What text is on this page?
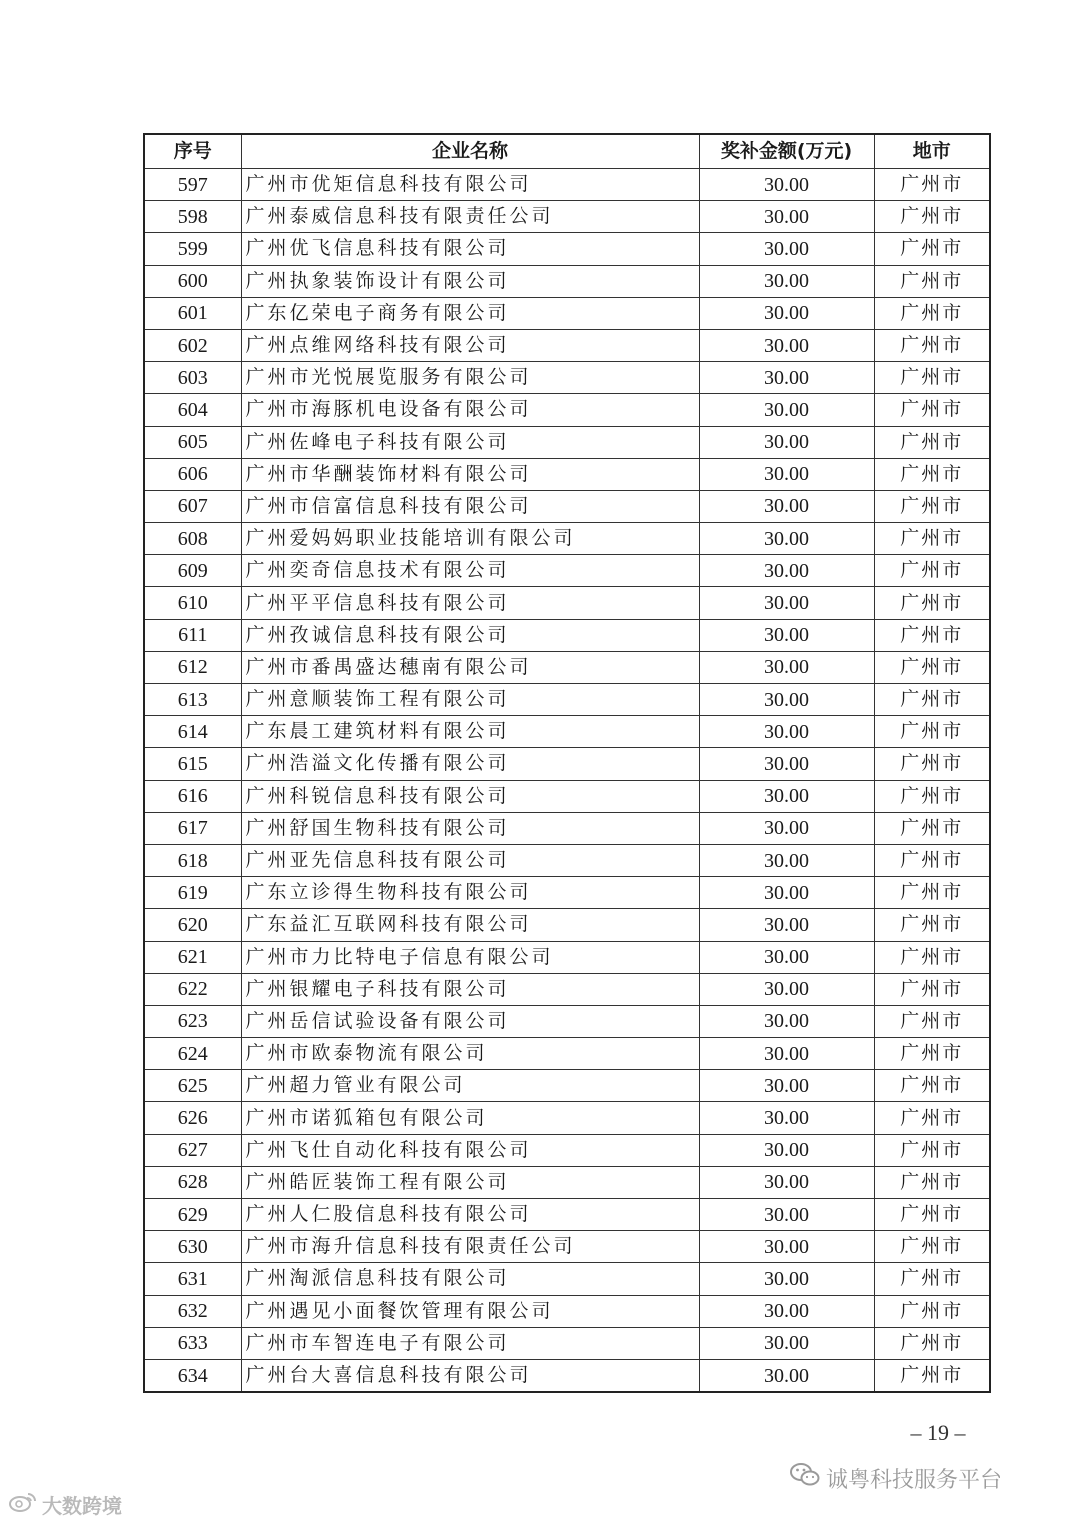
序号	企业名称	奖补金额(万元)	地市
597	广州市优矩信息科技有限公司	30.00	广州市
598	广州泰威信息科技有限责任公司	30.00	广州市
599	广州优飞信息科技有限公司	30.00	广州市
600	广州执象装饰设计有限公司	30.00	广州市
601	广东亿荣电子商务有限公司	30.00	广州市
602	广州点维网络科技有限公司	30.00	广州市
603	广州市光悦展览服务有限公司	30.00	广州市
604	广州市海豚机电设备有限公司	30.00	广州市
605	广州佐峰电子科技有限公司	30.00	广州市
606	广州市华酬装饰材料有限公司	30.00	广州市
607	广州市信富信息科技有限公司	30.00	广州市
608	广州爱妈妈职业技能培训有限公司	30.00	广州市
609	广州奕奇信息技术有限公司	30.00	广州市
610	广州平平信息科技有限公司	30.00	广州市
611	广州孜诚信息科技有限公司	30.00	广州市
612	广州市番禺盛达穗南有限公司	30.00	广州市
613	广州意顺装饰工程有限公司	30.00	广州市
614	广东晨工建筑材料有限公司	30.00	广州市
615	广州浩溢文化传播有限公司	30.00	广州市
616	广州科锐信息科技有限公司	30.00	广州市
617	广州舒国生物科技有限公司	30.00	广州市
618	广州亚先信息科技有限公司	30.00	广州市
619	广东立诊得生物科技有限公司	30.00	广州市
620	广东益汇互联网科技有限公司	30.00	广州市
621	广州市力比特电子信息有限公司	30.00	广州市
622	广州银耀电子科技有限公司	30.00	广州市
623	广州岳信试验设备有限公司	30.00	广州市
624	广州市欧泰物流有限公司	30.00	广州市
625	广州超力管业有限公司	30.00	广州市
626	广州市诺狐箱包有限公司	30.00	广州市
627	广州飞仕自动化科技有限公司	30.00	广州市
628	广州皓匠装饰工程有限公司	30.00	广州市
629	广州人仁股信息科技有限公司	30.00	广州市
630	广州市海升信息科技有限责任公司	30.00	广州市
631	广州淘派信息科技有限公司	30.00	广州市
632	广州遇见小面餐饮管理有限公司	30.00	广州市
633	广州市车智连电子有限公司	30.00	广州市
634	广州台大喜信息科技有限公司	30.00	广州市
– 19 –
诚粤科技服务平台
大数跨境
